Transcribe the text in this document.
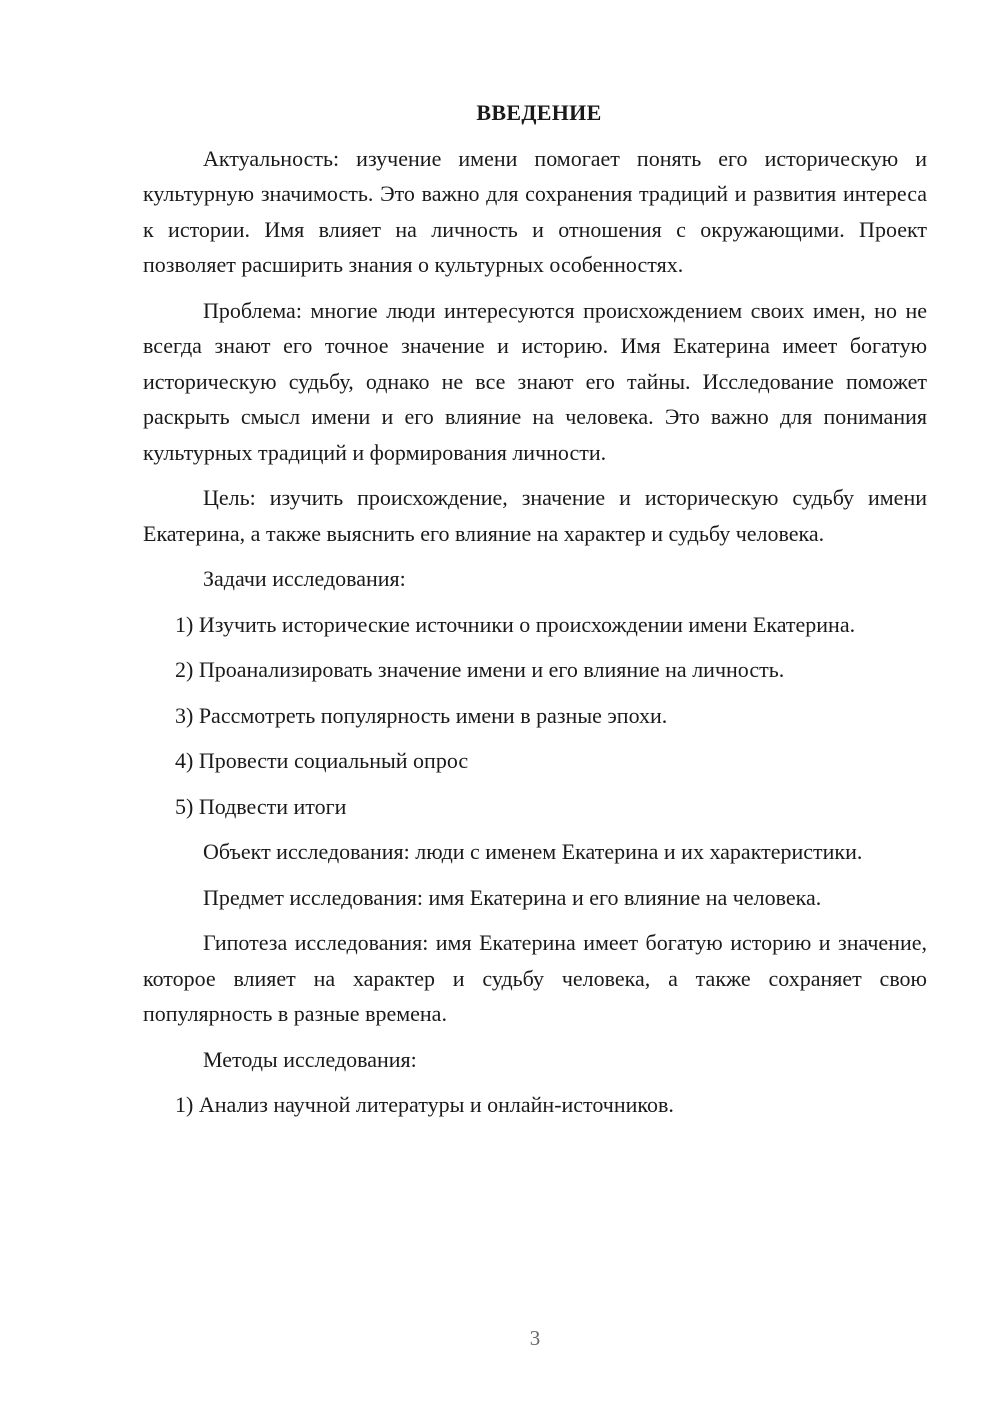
ВВЕДЕНИЕ

Актуальность: изучение имени помогает понять его историческую и культурную значимость. Это важно для сохранения традиций и развития интереса к истории. Имя влияет на личность и отношения с окружающими. Проект позволяет расширить знания о культурных особенностях.

Проблема: многие люди интересуются происхождением своих имен, но не всегда знают его точное значение и историю. Имя Екатерина имеет богатую историческую судьбу, однако не все знают его тайны. Исследование поможет раскрыть смысл имени и его влияние на человека. Это важно для понимания культурных традиций и формирования личности.

Цель: изучить происхождение, значение и историческую судьбу имени Екатерина, а также выяснить его влияние на характер и судьбу человека.

Задачи исследования:

1) Изучить исторические источники о происхождении имени Екатерина.

2) Проанализировать значение имени и его влияние на личность.

3) Рассмотреть популярность имени в разные эпохи.

4) Провести социальный опрос

5) Подвести итоги

Объект исследования: люди с именем Екатерина и их характеристики.

Предмет исследования: имя Екатерина и его влияние на человека.

Гипотеза исследования: имя Екатерина имеет богатую историю и значение, которое влияет на характер и судьбу человека, а также сохраняет свою популярность в разные времена.

Методы исследования:

1) Анализ научной литературы и онлайн-источников.

3
